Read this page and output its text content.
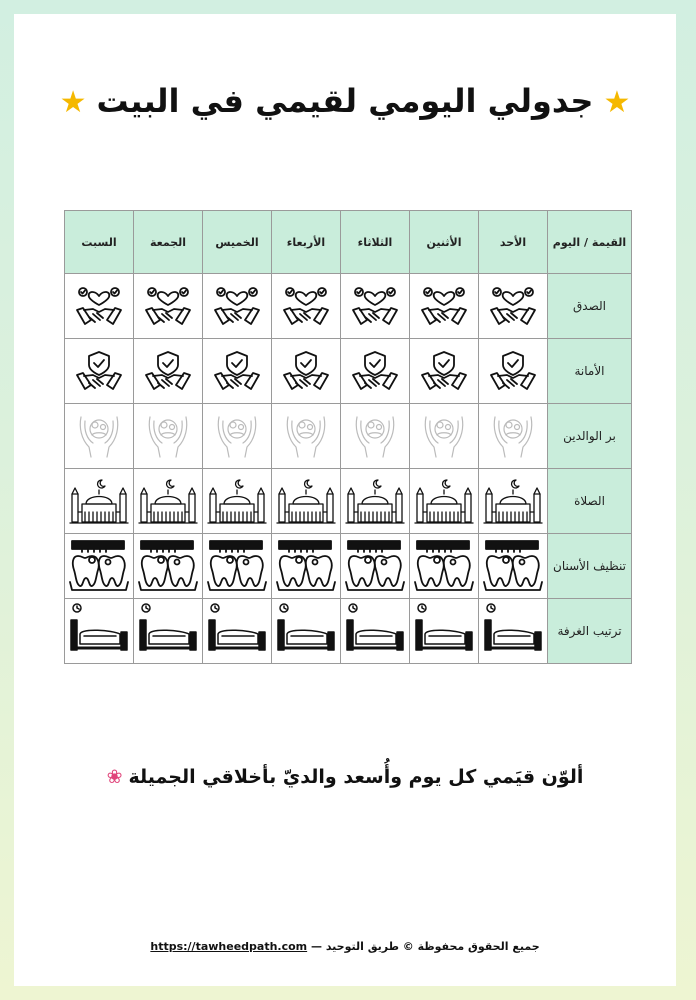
★جدولي اليومي لقيمي في البيت★
القيمة / اليوم	الأحد	الأثنين	الثلاثاء	الأربعاء	الخميس	الجمعة	السبت
الصدق	

الأمانة	

بر الوالدين	

الصلاة	

تنظيف الأسنان	

ترتيب الغرفة	

ألوّن قيَمي كل يوم وأُسعد والديّ بأخلاقي الجميلة❀
جميع الحقوق محفوظة © طريق التوحيد — https://tawheedpath.com
